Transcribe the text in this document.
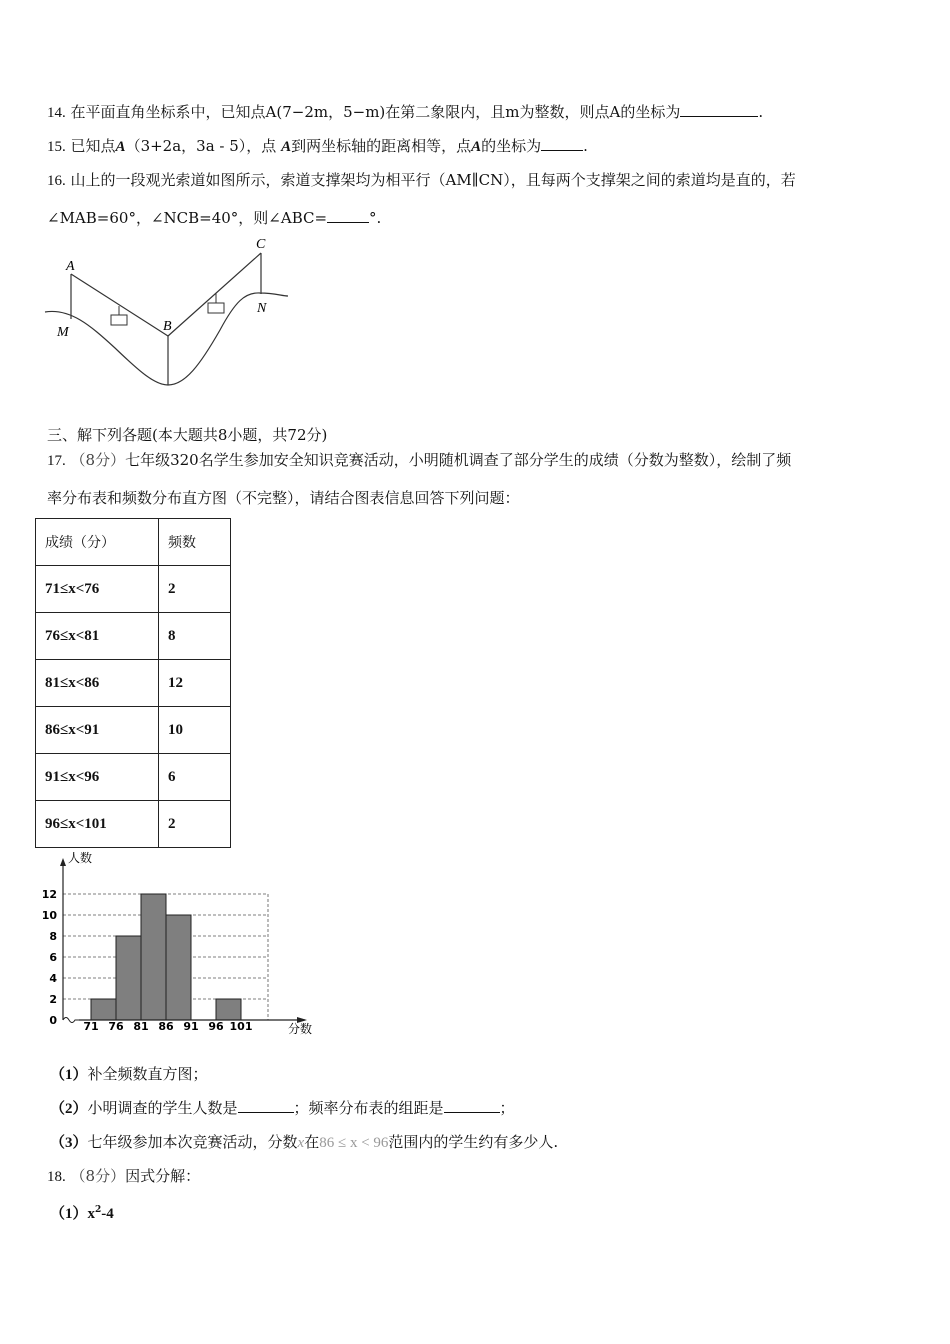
14. 在平面直角坐标系中，已知点A(7−2m，5−m)在第二象限内，且m为整数，则点A的坐标为	.
15. 已知点A（3+2a，3a - 5），点 A到两坐标轴的距离相等，点A的坐标为	.
16. 山上的一段观光索道如图所示，索道支撑架均为相平行（AM∥CN），且每两个支撑架之间的索道均是直的，若
∠MAB=60°，∠NCB=40°，则∠ABC=	°.
A
B
C
M
N
三、解下列各题(本大题共8小题，共72分)
17. （8分）七年级320名学生参加安全知识竞赛活动，小明随机调查了部分学生的成绩（分数为整数），绘制了频
率分布表和频数分布直方图（不完整），请结合图表信息回答下列问题：
成绩（分）	频数
71≤x<76	2
76≤x<81	8
81≤x<86	12
86≤x<91	10
91≤x<96	6
96≤x<101	2
0
2
4
6
8
10
12
71 76 81 86 91 96 101
人数
分数
（1）补全频数直方图；
（2）小明调查的学生人数是	；频率分布表的组距是	；
（3）七年级参加本次竞赛活动，分数x在86 ≤ x < 96范围内的学生约有多少人.
18. （8分）因式分解：
$(1)x^2-4$
